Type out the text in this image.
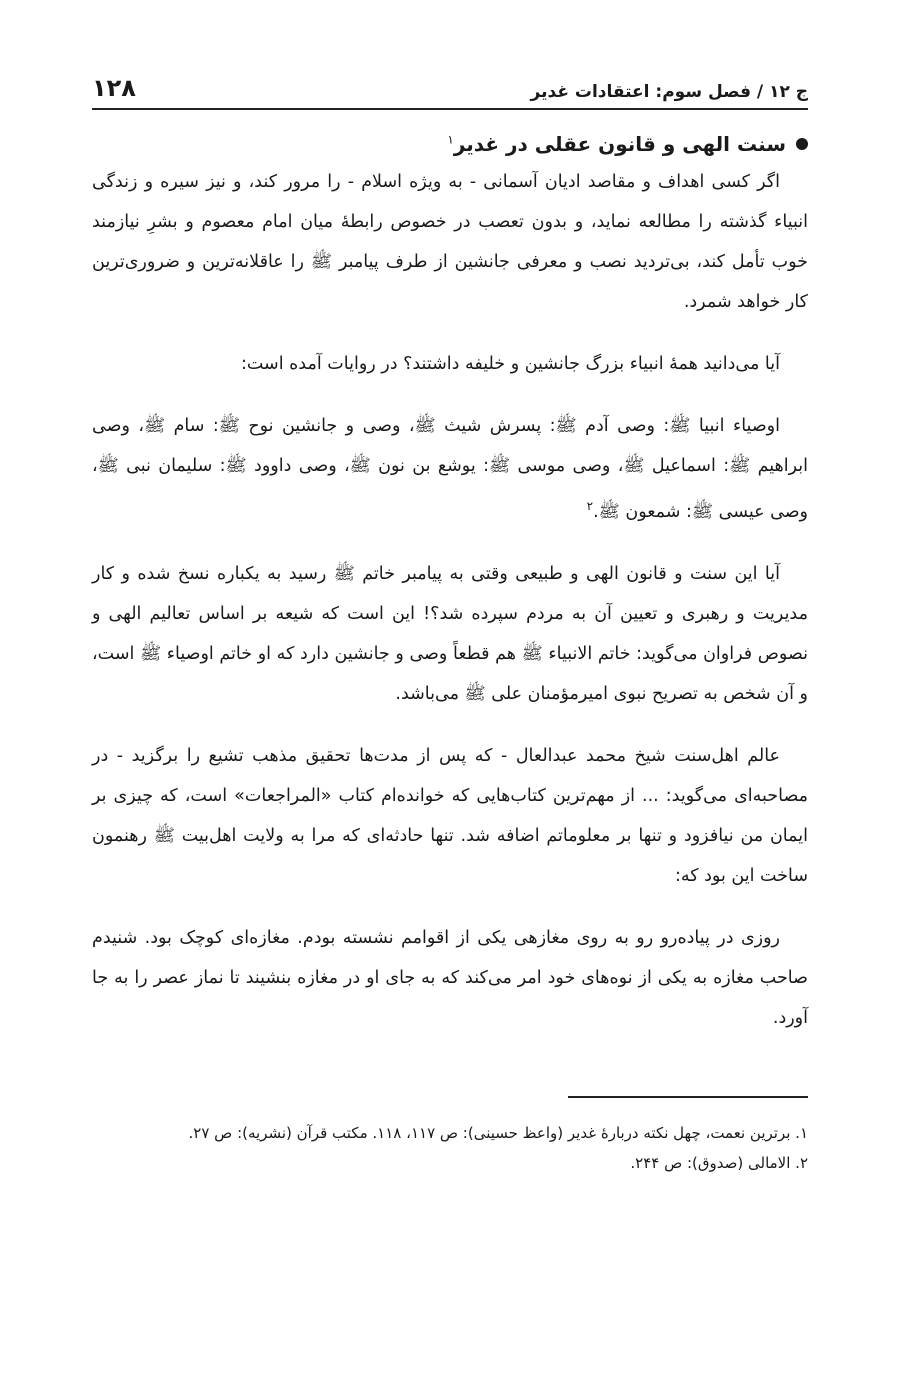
ج ۱۲ / فصل سوم: اعتقادات غدیر
۱۲۸
سنت الهی و قانون عقلی در غدیر$^۱$

اگر کسی اهداف و مقاصد ادیان آسمانی - به ویژه اسلام - را مرور کند، و نیز سیره و زندگی انبیاء گذشته را مطالعه نماید، و بدون تعصب در خصوص رابطهٔ میان امام معصوم و بشرِ نیازمند خوب تأمل کند، بی‌تردید نصب و معرفی جانشین از طرف پیامبر ﷺ را عاقلانه‌ترین و ضروری‌ترین کار خواهد شمرد.

آیا می‌دانید همهٔ انبیاء بزرگ جانشین و خلیفه داشتند؟ در روایات آمده است:

اوصیاء انبیا ﷺ: وصی آدم ﷺ: پسرش شیث ﷺ، وصی و جانشین نوح ﷺ: سام ﷺ، وصی ابراهیم ﷺ: اسماعیل ﷺ، وصی موسی ﷺ: یوشع بن نون ﷺ، وصی داوود ﷺ: سلیمان نبی ﷺ، وصی عیسی ﷺ: شمعون ﷺ.$^۲$

آیا این سنت و قانون الهی و طبیعی وقتی به پیامبر خاتم ﷺ رسید به یکباره نسخ شده و کار مدیریت و رهبری و تعیین آن به مردم سپرده شد؟! این است که شیعه بر اساس تعالیم الهی و نصوص فراوان می‌گوید: خاتم الانبیاء ﷺ هم قطعاً وصی و جانشین دارد که او خاتم اوصیاء ﷺ است، و آن شخص به تصریح نبوی امیرمؤمنان علی ﷺ می‌باشد.

عالم اهل‌سنت شیخ محمد عبدالعال - که پس از مدت‌ها تحقیق مذهب تشیع را برگزید - در مصاحبه‌ای می‌گوید: ... از مهم‌ترین کتاب‌هایی که خوانده‌ام کتاب «المراجعات» است، که چیزی بر ایمان من نیافزود و تنها بر معلوماتم اضافه شد. تنها حادثه‌ای که مرا به ولایت اهل‌بیت ﷺ رهنمون ساخت این بود که:

روزی در پیاده‌رو رو به روی مغازهی یکی از اقوامم نشسته بودم. مغازه‌ای کوچک بود. شنیدم صاحب مغازه به یکی از نوه‌های خود امر می‌کند که به جای او در مغازه بنشیند تا نماز عصر را به جا آورد.

۱. برترین نعمت، چهل نکته دربارهٔ غدیر (واعظ حسینی): ص ۱۱۷، ۱۱۸. مکتب قرآن (نشریه): ص ۲۷.
۲. الامالی (صدوق): ص ۲۴۴.
